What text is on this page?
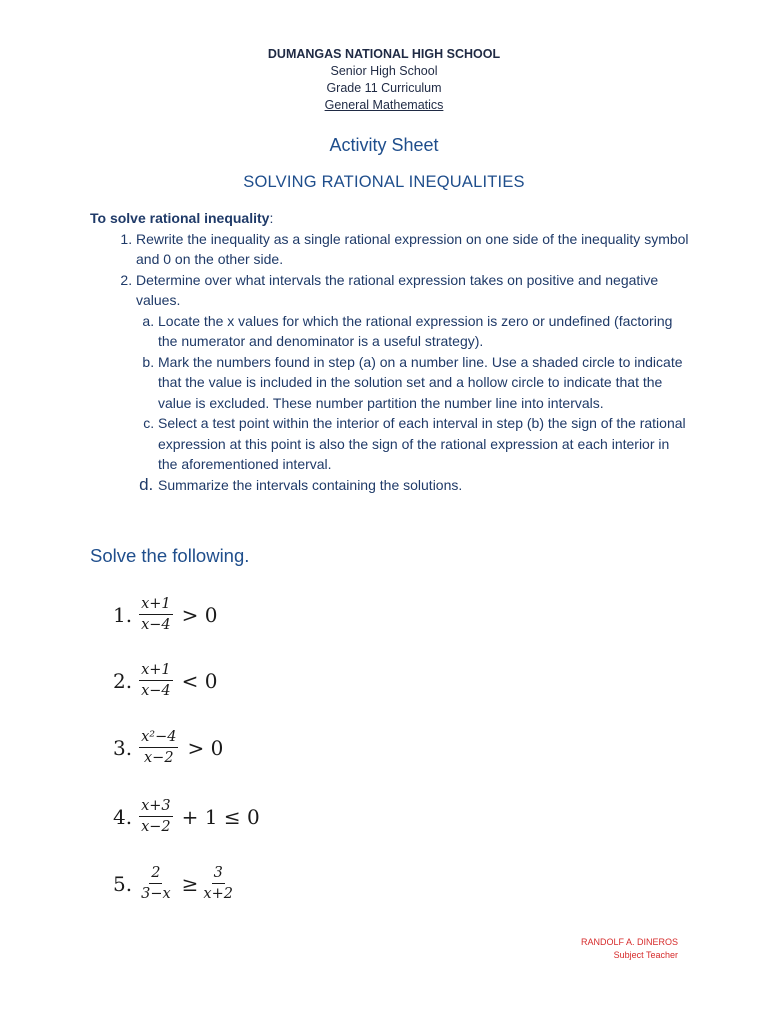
DUMANGAS NATIONAL HIGH SCHOOL
Senior High School
Grade 11 Curriculum
General Mathematics
Activity Sheet
SOLVING RATIONAL INEQUALITIES
To solve rational inequality:
1. Rewrite the inequality as a single rational expression on one side of the inequality symbol and 0 on the other side.
2. Determine over what intervals the rational expression takes on positive and negative values.
a. Locate the x values for which the rational expression is zero or undefined (factoring the numerator and denominator is a useful strategy).
b. Mark the numbers found in step (a) on a number line. Use a shaded circle to indicate that the value is included in the solution set and a hollow circle to indicate that the value is excluded. These number partition the number line into intervals.
c. Select a test point within the interior of each interval in step (b) the sign of the rational expression at this point is also the sign of the rational expression at each interior in the aforementioned interval.
d. Summarize the intervals containing the solutions.
Solve the following.
1. $\frac{x+1}{x-4} > 0$
2. $\frac{x+1}{x-4} < 0$
3. $\frac{\text{x²−4}}{x-2} > 0$
4. $\frac{x+3}{x-2} + 1 \le 0$
5. $\frac{2}{3-x} \ge \frac{3}{x+2}$
RANDOLF A. DINEROS
Subject Teacher
